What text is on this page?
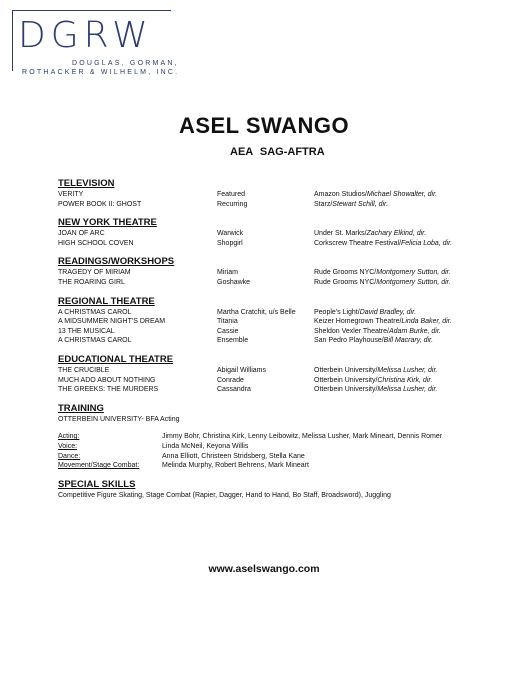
DGRW
DOUGLAS, GORMAN,
ROTHACKER & WILHELM, INC.
ASEL SWANGO
AEA SAG-AFTRA

TELEVISION

VERITY	Featured	Amazon Studios/Michael Showalter, dir.
POWER BOOK II: GHOST	Recurring	Starz/Stewart Schill, dir.

NEW YORK THEATRE

JOAN OF ARC	Warwick	Under St. Marks/Zachary Elkind, dir.
HIGH SCHOOL COVEN	Shopgirl	Corkscrew Theatre Festival/Felicia Loba, dir.

READINGS/WORKSHOPS

TRAGEDY OF MIRIAM	Miriam	Rude Grooms NYC/Montgomery Sutton, dir.
THE ROARING GIRL	Goshawke	Rude Grooms NYC/Montgomery Sutton, dir.

REGIONAL THEATRE

A CHRISTMAS CAROL	Martha Cratchit, u/s Belle	People's Light/David Bradley, dir.
A MIDSUMMER NIGHT'S DREAM	Titania	Keizer Homegrown Theatre/Linda Baker, dir.
13 THE MUSICAL	Cassie	Sheldon Vexler Theatre/Adam Burke, dir.
A CHRISTMAS CAROL	Ensemble	San Pedro Playhouse/Bill Macrary, dir.

EDUCATIONAL THEATRE

THE CRUCIBLE	Abigail Williams	Otterbein University/Melissa Lusher, dir.
MUCH ADO ABOUT NOTHING	Conrade	Otterbein University/Christina Kirk, dir.
THE GREEKS: THE MURDERS	Cassandra	Otterbein University/Melissa Lusher, dir.

TRAINING

OTTERBEIN UNIVERSITY- BFA Acting
Acting:	Jimmy Bohr, Christina Kirk, Lenny Leibowitz, Melissa Lusher, Mark Mineart, Dennis Romer
Voice:	Linda McNeil, Keyona Willis
Dance:	Anna Elliott, Christeen Stridsberg, Stella Kane
Movement/Stage Combat:	Melinda Murphy, Robert Behrens, Mark Mineart

SPECIAL SKILLS

Competitive Figure Skating, Stage Combat (Rapier, Dagger, Hand to Hand, Bo Staff, Broadsword), Juggling
www.aselswango.com
